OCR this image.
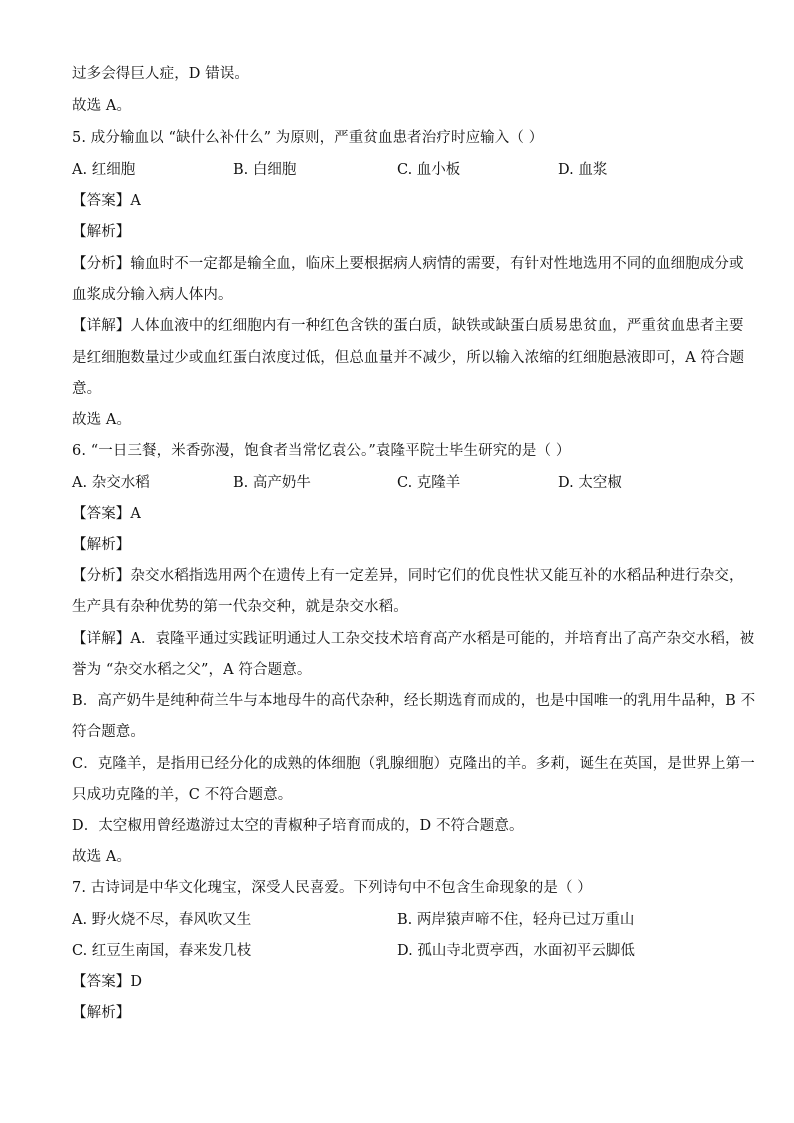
过多会得巨人症，D 错误。
故选 A。
5. 成分输血以 “缺什么补什么” 为原则，严重贫血患者治疗时应输入（ ）
A. 红细胞	B. 白细胞	C. 血小板	D. 血浆
【答案】A
【解析】
【分析】输血时不一定都是输全血，临床上要根据病人病情的需要，有针对性地选用不同的血细胞成分或
血浆成分输入病人体内。
【详解】人体血液中的红细胞内有一种红色含铁的蛋白质，缺铁或缺蛋白质易患贫血，严重贫血患者主要
是红细胞数量过少或血红蛋白浓度过低，但总血量并不减少，所以输入浓缩的红细胞悬液即可，A 符合题
意。
故选 A。
6. “一日三餐，米香弥漫，饱食者当常忆袁公。”袁隆平院士毕生研究的是（ ）
A. 杂交水稻	B. 高产奶牛	C. 克隆羊	D. 太空椒
【答案】A
【解析】
【分析】杂交水稻指选用两个在遗传上有一定差异，同时它们的优良性状又能互补的水稻品种进行杂交，
生产具有杂种优势的第一代杂交种，就是杂交水稻。
【详解】A．袁隆平通过实践证明通过人工杂交技术培育高产水稻是可能的，并培育出了高产杂交水稻，被
誉为 “杂交水稻之父”，A 符合题意。
B．高产奶牛是纯种荷兰牛与本地母牛的高代杂种，经长期选育而成的，也是中国唯一的乳用牛品种，B 不
符合题意。
C．克隆羊，是指用已经分化的成熟的体细胞（乳腺细胞）克隆出的羊。多莉，诞生在英国，是世界上第一
只成功克隆的羊，C 不符合题意。
D．太空椒用曾经遨游过太空的青椒种子培育而成的，D 不符合题意。
故选 A。
7. 古诗词是中华文化瑰宝，深受人民喜爱。下列诗句中不包含生命现象的是（ ）
A. 野火烧不尽，春风吹又生	B. 两岸猿声啼不住，轻舟已过万重山
C. 红豆生南国，春来发几枝	D. 孤山寺北贾亭西，水面初平云脚低
【答案】D
【解析】
